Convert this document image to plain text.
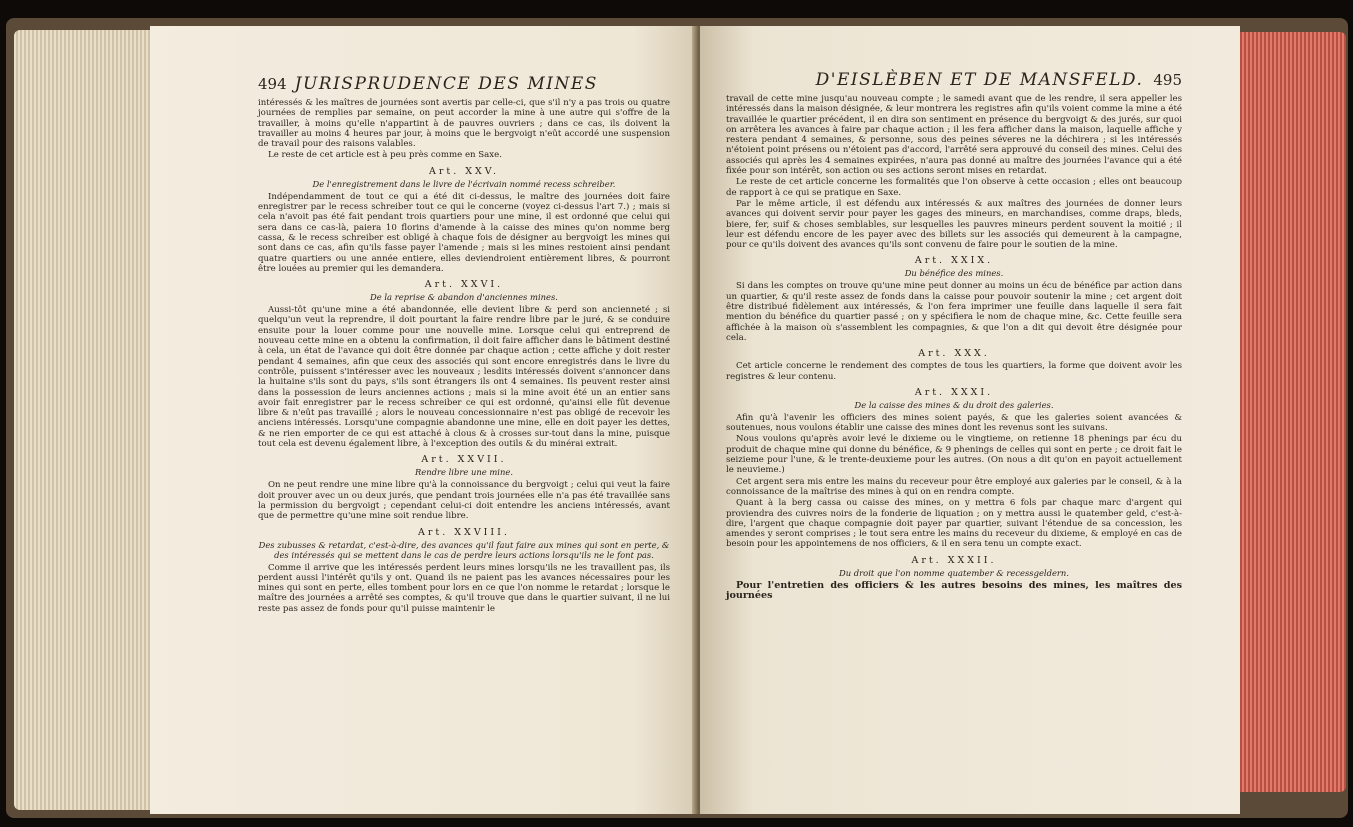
494 JURISPRUDENCE DES MINES

intéressés & les maîtres de journées sont avertis par celle-ci, que s'il n'y a pas trois ou quatre journées de remplies par semaine, on peut accorder la mine à une autre qui s'offre de la travailler, à moins qu'elle n'appartint à de pauvres ouvriers ; dans ce cas, ils doivent la travailler au moins 4 heures par jour, à moins que le bergvoigt n'eût accordé une suspension de travail pour des raisons valables.

Le reste de cet article est à peu près comme en Saxe.

Art. XXV.
De l'enregistrement dans le livre de l'écrivain nommé recess schreiber.

Indépendamment de tout ce qui a été dit ci-dessus, le maître des journées doit faire enregistrer par le recess schreiber tout ce qui le concerne (voyez ci-dessus l'art 7.) ; mais si cela n'avoit pas été fait pendant trois quartiers pour une mine, il est ordonné que celui qui sera dans ce cas-là, paiera 10 florins d'amende à la caisse des mines qu'on nomme berg cassa, & le recess schreiber est obligé à chaque fois de désigner au bergvoigt les mines qui sont dans ce cas, afin qu'ils fasse payer l'amende ; mais si les mines restoient ainsi pendant quatre quartiers ou une année entiere, elles deviendroient entièrement libres, & pourront être louées au premier qui les demandera.

Art. XXVI.
De la reprise & abandon d'anciennes mines.

Aussi-tôt qu'une mine a été abandonnée, elle devient libre & perd son ancienneté ; si quelqu'un veut la reprendre, il doit pourtant la faire rendre libre par le juré, & se conduire ensuite pour la louer comme pour une nouvelle mine. Lorsque celui qui entreprend de nouveau cette mine en a obtenu la confirmation, il doit faire afficher dans le bâtiment destiné à cela, un état de l'avance qui doit être donnée par chaque action ; cette affiche y doit rester pendant 4 semaines, afin que ceux des associés qui sont encore enregistrés dans le livre du contrôle, puissent s'intéresser avec les nouveaux ; lesdits intéressés doivent s'annoncer dans la huitaine s'ils sont du pays, s'ils sont étrangers ils ont 4 semaines. Ils peuvent rester ainsi dans la possession de leurs anciennes actions ; mais si la mine avoit été un an entier sans avoir fait enregistrer par le recess schreiber ce qui est ordonné, qu'ainsi elle fût devenue libre & n'eût pas travaillé ; alors le nouveau concessionnaire n'est pas obligé de recevoir les anciens intéressés. Lorsqu'une compagnie abandonne une mine, elle en doit payer les dettes, & ne rien emporter de ce qui est attaché à clous & à crosses sur-tout dans la mine, puisque tout cela est devenu également libre, à l'exception des outils & du minérai extrait.

Art. XXVII.
Rendre libre une mine.

On ne peut rendre une mine libre qu'à la connoissance du bergvoigt ; celui qui veut la faire doit prouver avec un ou deux jurés, que pendant trois journées elle n'a pas été travaillée sans la permission du bergvoigt ; cependant celui-ci doit entendre les anciens intéressés, avant que de permettre qu'une mine soit rendue libre.

Art. XXVIII.
Des zubusses & retardat, c'est-à-dire, des avances qu'il faut faire aux mines qui sont en perte, & des intéressés qui se mettent dans le cas de perdre leurs actions lorsqu'ils ne le font pas.

Comme il arrive que les intéressés perdent leurs mines lorsqu'ils ne les travaillent pas, ils perdent aussi l'intérêt qu'ils y ont. Quand ils ne paient pas les avances nécessaires pour les mines qui sont en perte, elles tombent pour lors en ce que l'on nomme le retardat ; lorsque le maître des journées a arrêté ses comptes, & qu'il trouve que dans le quartier suivant, il ne lui reste pas assez de fonds pour qu'il puisse maintenir le

D'EISLÈBEN ET DE MANSFELD. 495

travail de cette mine jusqu'au nouveau compte ; le samedi avant que de les rendre, il sera appeller les intéressés dans la maison désignée, & leur montrera les registres afin qu'ils voient comme la mine a été travaillée le quartier précédent, il en dira son sentiment en présence du bergvoigt & des jurés, sur quoi on arrêtera les avances à faire par chaque action ; il les fera afficher dans la maison, laquelle affiche y restera pendant 4 semaines, & personne, sous des peines séveres ne la déchirera ; si les intéressés n'étoient point présens ou n'étoient pas d'accord, l'arrêté sera approuvé du conseil des mines. Celui des associés qui après les 4 semaines expirées, n'aura pas donné au maître des journées l'avance qui a été fixée pour son intérêt, son action ou ses actions seront mises en retardat.

Le reste de cet article concerne les formalités que l'on observe à cette occasion ; elles ont beaucoup de rapport à ce qui se pratique en Saxe.

Par le même article, il est défendu aux intéressés & aux maîtres des journées de donner leurs avances qui doivent servir pour payer les gages des mineurs, en marchandises, comme draps, bleds, biere, fer, suif & choses semblables, sur lesquelles les pauvres mineurs perdent souvent la moitié ; il leur est défendu encore de les payer avec des billets sur les associés qui demeurent à la campagne, pour ce qu'ils doivent des avances qu'ils sont convenu de faire pour le soutien de la mine.

Art. XXIX.
Du bénéfice des mines.

Si dans les comptes on trouve qu'une mine peut donner au moins un écu de bénéfice par action dans un quartier, & qu'il reste assez de fonds dans la caisse pour pouvoir soutenir la mine ; cet argent doit être distribué fidèlement aux intéressés, & l'on fera imprimer une feuille dans laquelle il sera fait mention du bénéfice du quartier passé ; on y spécifiera le nom de chaque mine, &c. Cette feuille sera affichée à la maison où s'assemblent les compagnies, & que l'on a dit qui devoit être désignée pour cela.

Art. XXX.

Cet article concerne le rendement des comptes de tous les quartiers, la forme que doivent avoir les registres & leur contenu.

Art. XXXI.
De la caisse des mines & du droit des galeries.

Afin qu'à l'avenir les officiers des mines soient payés, & que les galeries soient avancées & soutenues, nous voulons établir une caisse des mines dont les revenus sont les suivans.

Nous voulons qu'après avoir levé le dixieme ou le vingtieme, on retienne 18 phenings par écu du produit de chaque mine qui donne du bénéfice, & 9 phenings de celles qui sont en perte ; ce droit fait le seizieme pour l'une, & le trente-deuxieme pour les autres. (On nous a dit qu'on en payoit actuellement le neuvieme.)

Cet argent sera mis entre les mains du receveur pour être employé aux galeries par le conseil, & à la connoissance de la maîtrise des mines à qui on en rendra compte.

Quant à la berg cassa ou caisse des mines, on y mettra 6 fols par chaque marc d'argent qui proviendra des cuivres noirs de la fonderie de liquation ; on y mettra aussi le quatember geld, c'est-à-dire, l'argent que chaque compagnie doit payer par quartier, suivant l'étendue de sa concession, les amendes y seront comprises ; le tout sera entre les mains du receveur du dixieme, & employé en cas de besoin pour les appointemens de nos officiers, & il en sera tenu un compte exact.

Art. XXXII.
Du droit que l'on nomme quatember & recessgeldern.

Pour l'entretien des officiers & les autres besoins des mines, les maîtres des journées
